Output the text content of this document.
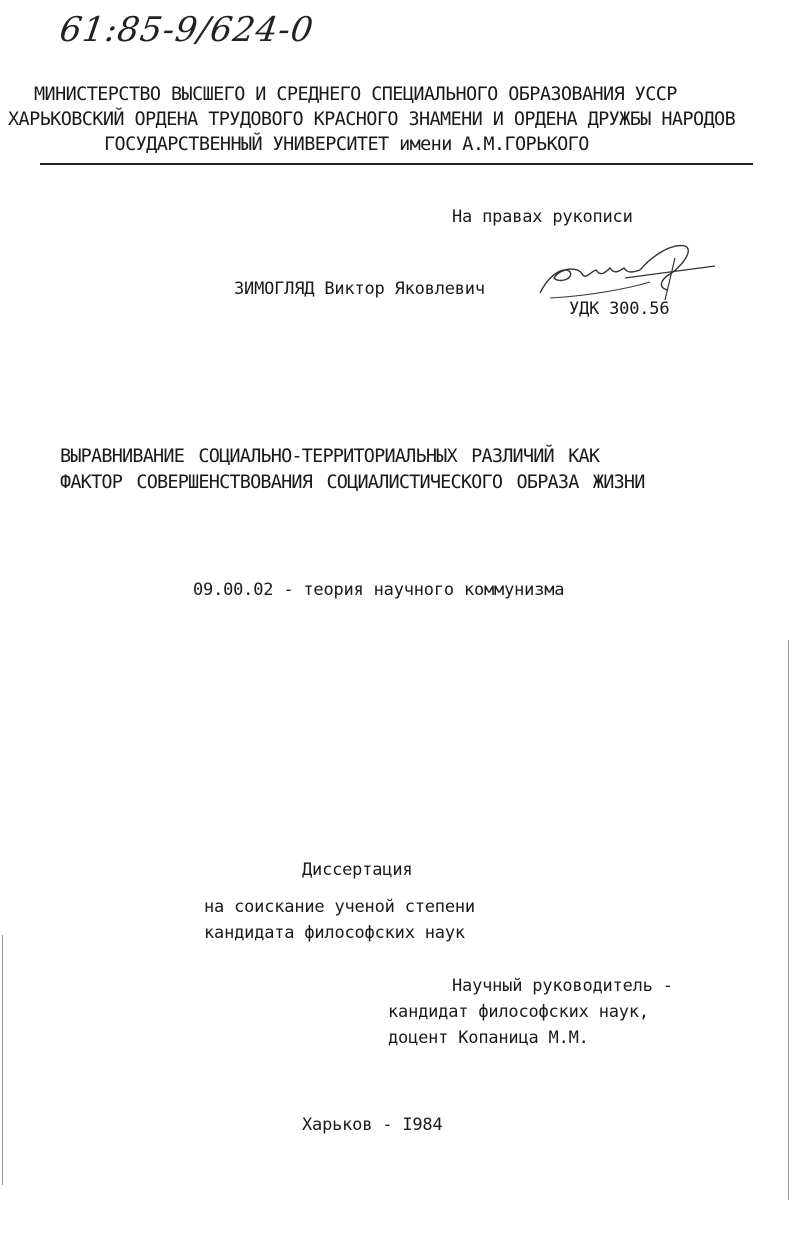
61:85-9/624-0
МИНИСТЕРСТВО ВЫСШЕГО И СРЕДНЕГО СПЕЦИАЛЬНОГО ОБРАЗОВАНИЯ УССР
ХАРЬКОВСКИЙ ОРДЕНА ТРУДОВОГО КРАСНОГО ЗНАМЕНИ И ОРДЕНА ДРУЖБЫ НАРОДОВ
ГОСУДАРСТВЕННЫЙ УНИВЕРСИТЕТ имени А.М.ГОРЬКОГО
На правах рукописи
ЗИМОГЛЯД Виктор Яковлевич
УДК 300.56
ВЫРАВНИВАНИЕ СОЦИАЛЬНО-ТЕРРИТОРИАЛЬНЫХ РАЗЛИЧИЙ КАК
ФАКТОР СОВЕРШЕНСТВОВАНИЯ СОЦИАЛИСТИЧЕСКОГО ОБРАЗА ЖИЗНИ
09.00.02 - теория научного коммунизма
Диссертация
на соискание ученой степени
кандидата философских наук
Научный руководитель -
кандидат философских наук,
доцент Копаница М.М.
Харьков - I984
